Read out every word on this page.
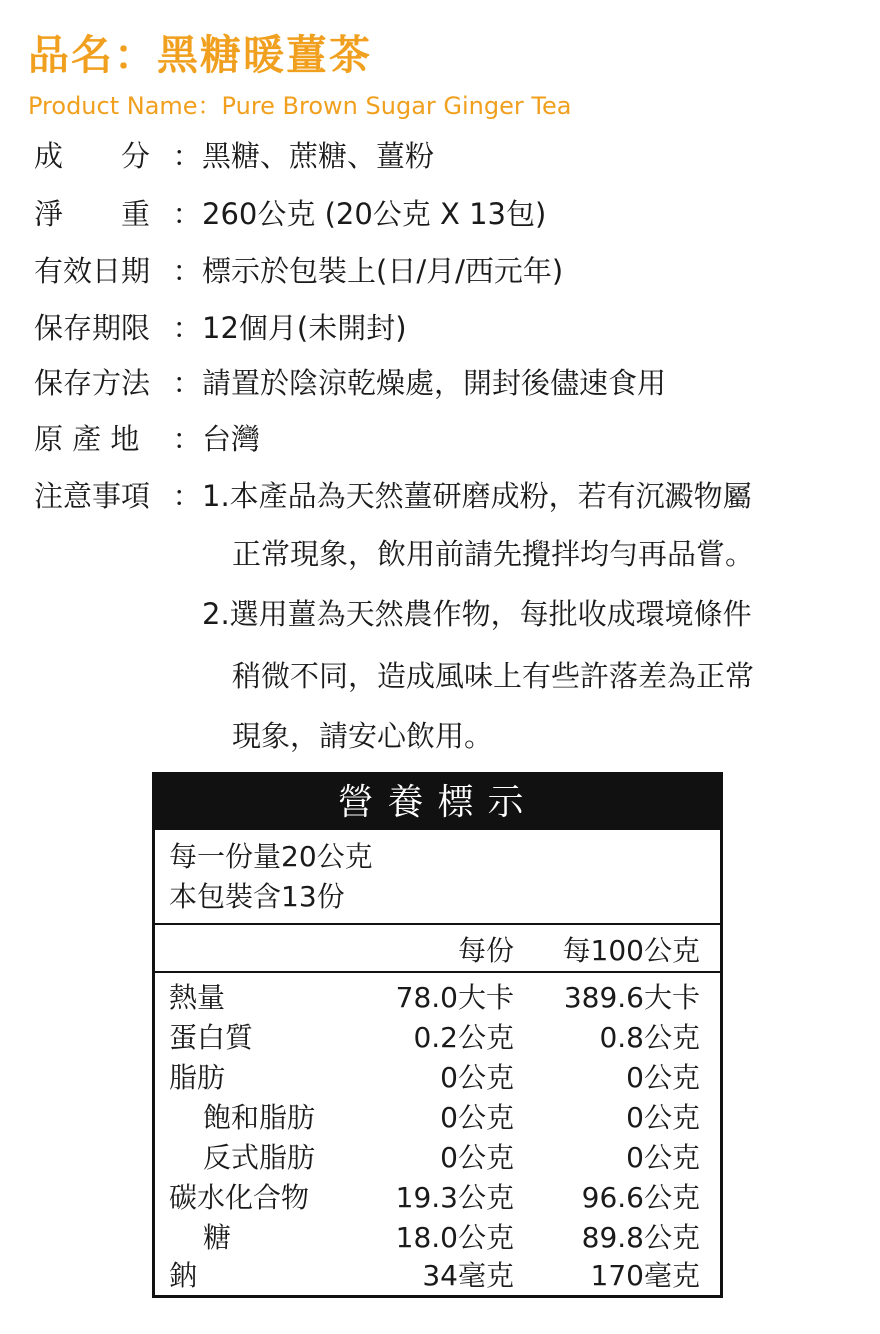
品名：黑糖暖薑茶
Product Name：Pure Brown Sugar Ginger Tea
成　　分 ：黑糖、蔗糖、薑粉
淨　　重 ：260公克 (20公克 X 13包)
有效日期 ：標示於包裝上(日/月/西元年)
保存期限 ：12個月(未開封)
保存方法 ：請置於陰涼乾燥處，開封後儘速食用
原 產 地 ：台灣
注意事項 ： 1.本產品為天然薑研磨成粉，若有沉澱物屬
正常現象，飲用前請先攪拌均勻再品嘗。
2.選用薑為天然農作物，每批收成環境條件
稍微不同，造成風味上有些許落差為正常
現象，請安心飲用。
營養標示
每一份量20公克
本包裝含13份
每份 每100公克
熱量	78.0大卡 389.6大卡
蛋白質	0.2公克	0.8公克
脂肪	0公克	0公克
飽和脂肪	0公克	0公克
反式脂肪	0公克	0公克
碳水化合物	19.3公克 96.6公克
糖	18.0公克 89.8公克
鈉	34毫克	170毫克
